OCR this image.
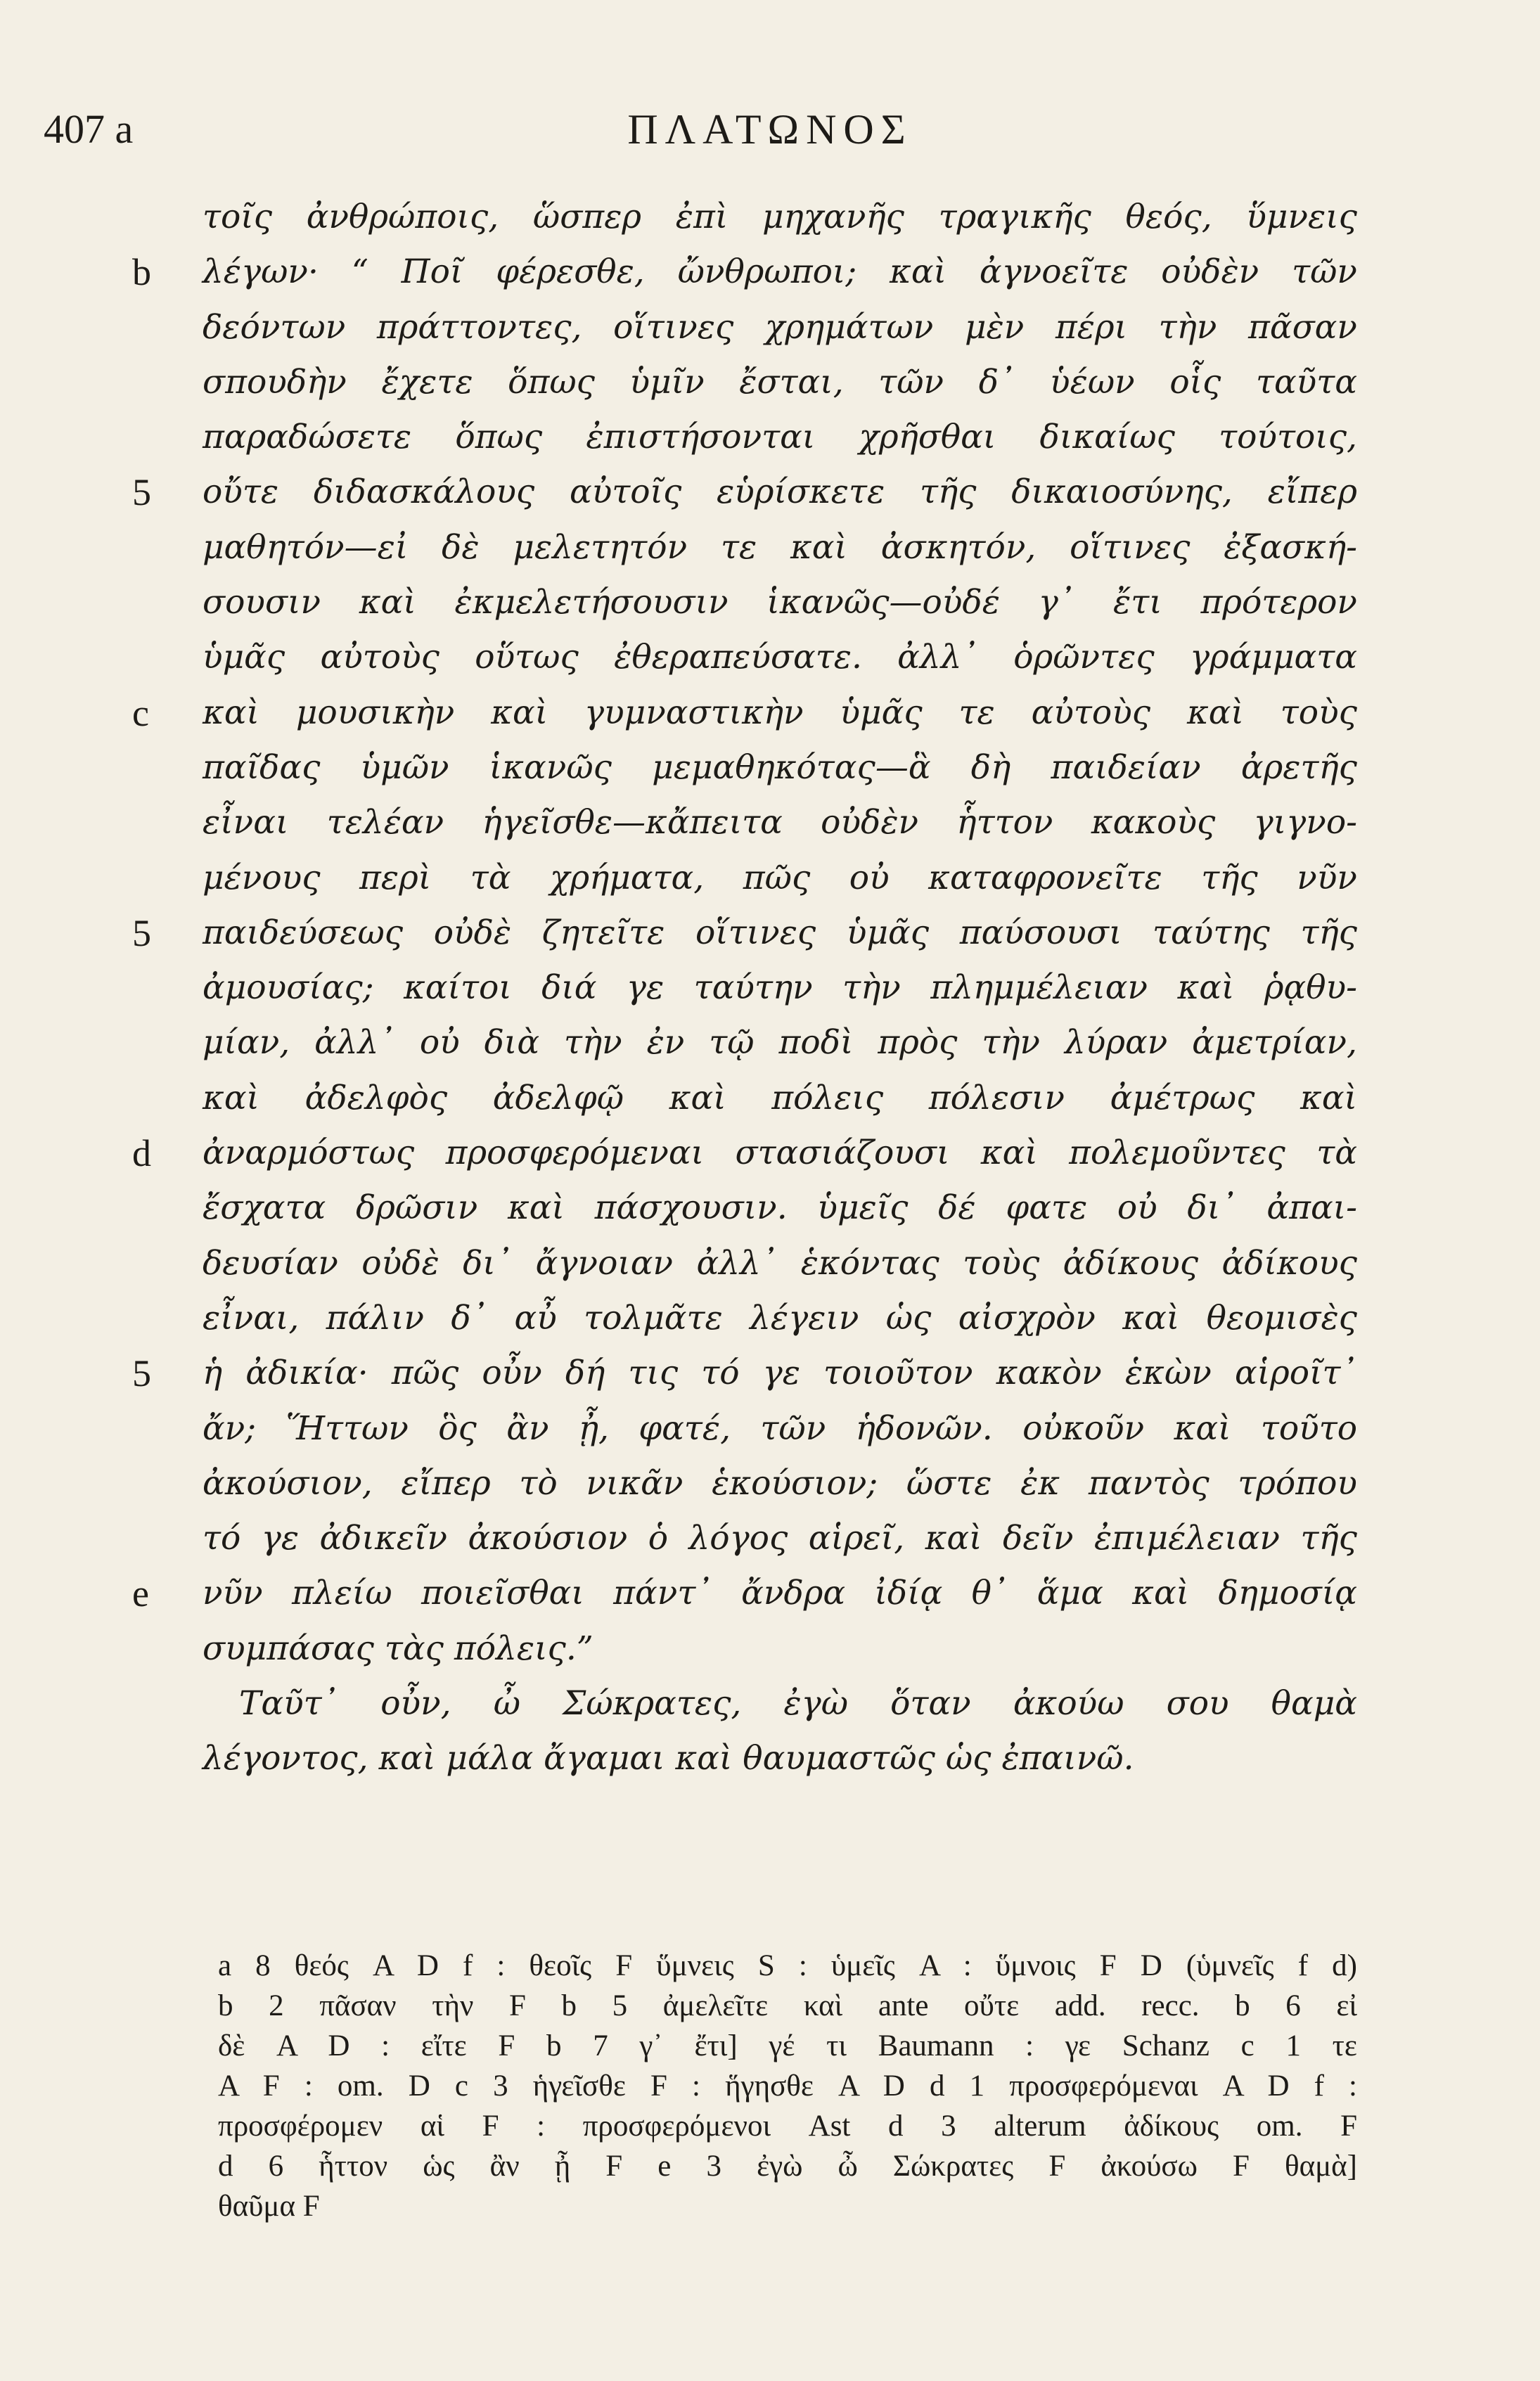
407 a	ΠΛΑΤΩΝΟΣ
τοῖς ἀνθρώποις, ὥσπερ ἐπὶ μηχανῆς τραγικῆς θεός, ὕμνεις
b λέγων· “ Ποῖ φέρεσθε, ὤνθρωποι; καὶ ἀγνοεῖτε οὐδὲν τῶν
δεόντων πράττοντες, οἵτινες χρημάτων μὲν πέρι τὴν πᾶσαν
σπουδὴν ἔχετε ὅπως ὑμῖν ἔσται, τῶν δ᾽ ὑέων οἷς ταῦτα
παραδώσετε ὅπως ἐπιστήσονται χρῆσθαι δικαίως τούτοις,
5 οὔτε διδασκάλους αὐτοῖς εὑρίσκετε τῆς δικαιοσύνης, εἴπερ
μαθητόν—εἰ δὲ μελετητόν τε καὶ ἀσκητόν, οἵτινες ἐξασκή-
σουσιν καὶ ἐκμελετήσουσιν ἱκανῶς—οὐδέ γ᾽ ἔτι πρότερον
ὑμᾶς αὐτοὺς οὕτως ἐθεραπεύσατε. ἀλλ᾽ ὁρῶντες γράμματα
c καὶ μουσικὴν καὶ γυμναστικὴν ὑμᾶς τε αὐτοὺς καὶ τοὺς
παῖδας ὑμῶν ἱκανῶς μεμαθηκότας—ἃ δὴ παιδείαν ἀρετῆς
εἶναι τελέαν ἡγεῖσθε—κἄπειτα οὐδὲν ἧττον κακοὺς γιγνο-
μένους περὶ τὰ χρήματα, πῶς οὐ καταφρονεῖτε τῆς νῦν
5 παιδεύσεως οὐδὲ ζητεῖτε οἵτινες ὑμᾶς παύσουσι ταύτης τῆς
ἀμουσίας; καίτοι διά γε ταύτην τὴν πλημμέλειαν καὶ ῥᾳθυ-
μίαν, ἀλλ᾽ οὐ διὰ τὴν ἐν τῷ ποδὶ πρὸς τὴν λύραν ἀμετρίαν,
καὶ ἀδελφὸς ἀδελφῷ καὶ πόλεις πόλεσιν ἀμέτρως καὶ
d ἀναρμόστως προσφερόμεναι στασιάζουσι καὶ πολεμοῦντες τὰ
ἔσχατα δρῶσιν καὶ πάσχουσιν. ὑμεῖς δέ φατε οὐ δι᾽ ἀπαι-
δευσίαν οὐδὲ δι᾽ ἄγνοιαν ἀλλ᾽ ἑκόντας τοὺς ἀδίκους ἀδίκους
εἶναι, πάλιν δ᾽ αὖ τολμᾶτε λέγειν ὡς αἰσχρὸν καὶ θεομισὲς
5 ἡ ἀδικία· πῶς οὖν δή τις τό γε τοιοῦτον κακὸν ἑκὼν αἱροῖτ᾽
ἄν; Ἥττων ὃς ἂν ᾖ, φατέ, τῶν ἡδονῶν. οὐκοῦν καὶ τοῦτο
ἀκούσιον, εἴπερ τὸ νικᾶν ἑκούσιον; ὥστε ἐκ παντὸς τρόπου
τό γε ἀδικεῖν ἀκούσιον ὁ λόγος αἱρεῖ, καὶ δεῖν ἐπιμέλειαν τῆς
e νῦν πλείω ποιεῖσθαι πάντ᾽ ἄνδρα ἰδίᾳ θ᾽ ἅμα καὶ δημοσίᾳ
συμπάσας τὰς πόλεις.”
Ταῦτ᾽ οὖν, ὦ Σώκρατες, ἐγὼ ὅταν ἀκούω σου θαμὰ
λέγοντος, καὶ μάλα ἄγαμαι καὶ θαυμαστῶς ὡς ἐπαινῶ.
a 8 θεός A D f : θεοῖς F ὕμνεις S : ὑμεῖς A : ὕμνοις F D (ὑμνεῖς f d)
b 2 πᾶσαν τὴν F b 5 ἀμελεῖτε καὶ ante οὔτε add. recc. b 6 εἰ
δὲ A D : εἴτε F b 7 γ᾽ ἔτι] γέ τι Baumann : γε Schanz c 1 τε
A F : om. D c 3 ἡγεῖσθε F : ἥγησθε A D d 1 προσφερόμεναι A D f :
προσφέρομεν αἱ F : προσφερόμενοι Ast d 3 alterum ἀδίκους om. F
d 6 ἧττον ὡς ἂν ᾖ F e 3 ἐγὼ ὦ Σώκρατες F ἀκούσω F θαμὰ]
θαῦμα F
